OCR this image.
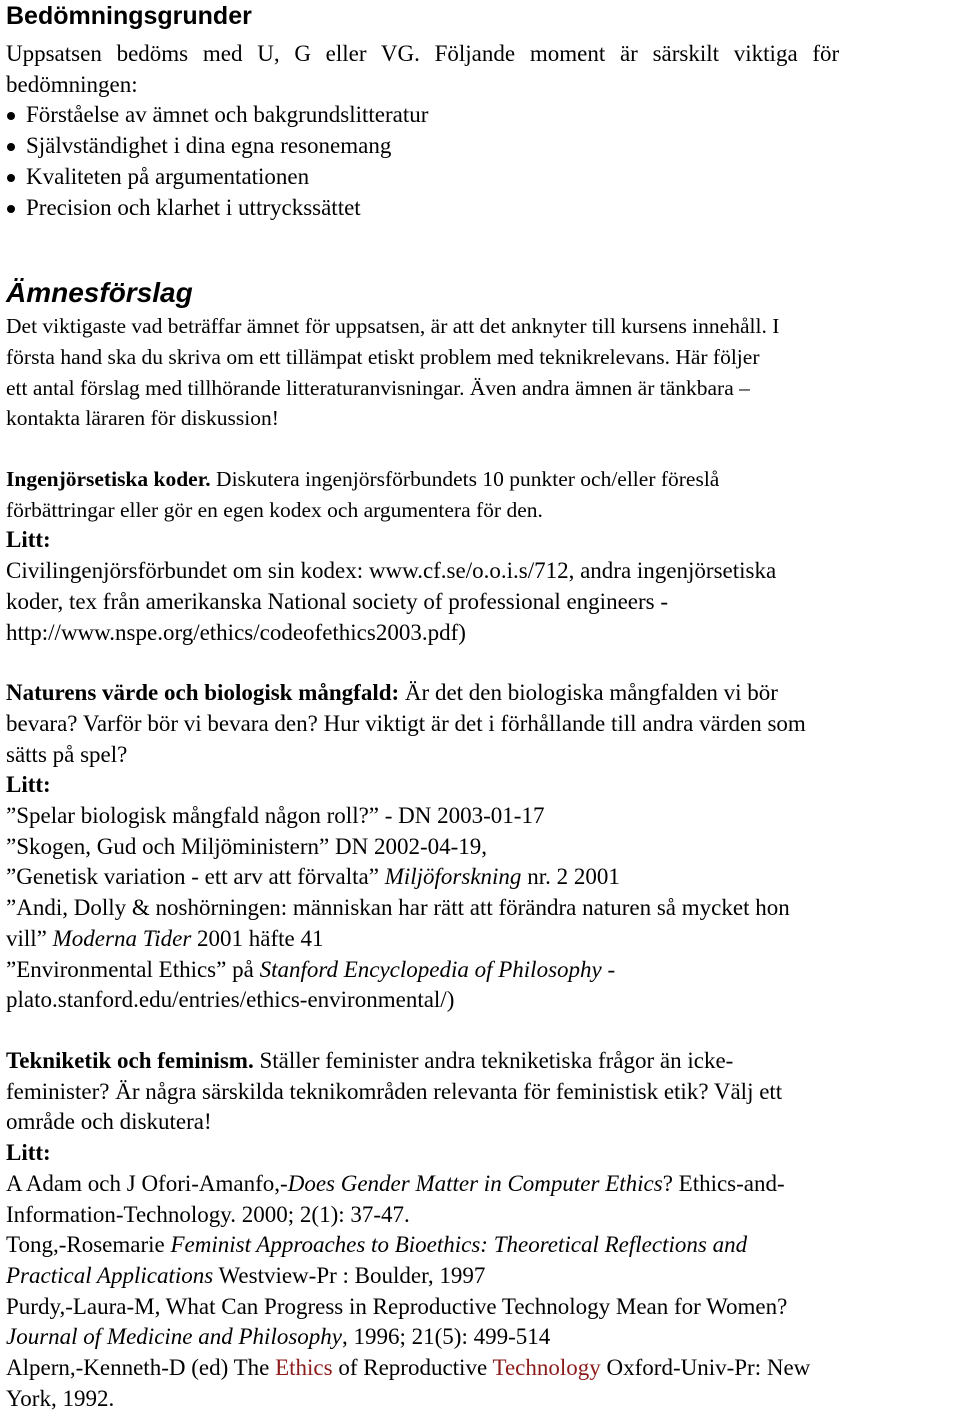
Bedömningsgrunder
Uppsatsen bedöms med U, G eller VG. Följande moment är särskilt viktiga för
bedömningen:
Förståelse av ämnet och bakgrundslitteratur
Självständighet i dina egna resonemang
Kvaliteten på argumentationen
Precision och klarhet i uttryckssättet
Ämnesförslag
Det viktigaste vad beträffar ämnet för uppsatsen, är att det anknyter till kursens innehåll. I
första hand ska du skriva om ett tillämpat etiskt problem med teknikrelevans. Här följer
ett antal förslag med tillhörande litteraturanvisningar. Även andra ämnen är tänkbara –
kontakta läraren för diskussion!
Ingenjörsetiska koder. Diskutera ingenjörsförbundets 10 punkter och/eller föreslå
förbättringar eller gör en egen kodex och argumentera för den.
Litt:
Civilingenjörsförbundet om sin kodex: www.cf.se/o.o.i.s/712, andra ingenjörsetiska
koder, tex från amerikanska National society of professional engineers -
http://www.nspe.org/ethics/codeofethics2003.pdf)
Naturens värde och biologisk mångfald: Är det den biologiska mångfalden vi bör
bevara? Varför bör vi bevara den? Hur viktigt är det i förhållande till andra värden som
sätts på spel?
Litt:
”Spelar biologisk mångfald någon roll?” - DN 2003-01-17
”Skogen, Gud och Miljöministern” DN 2002-04-19,
”Genetisk variation - ett arv att förvalta” Miljöforskning nr. 2 2001
”Andi, Dolly & noshörningen: människan har rätt att förändra naturen så mycket hon
vill” Moderna Tider 2001 häfte 41
”Environmental Ethics” på Stanford Encyclopedia of Philosophy -
plato.stanford.edu/entries/ethics-environmental/)
Tekniketik och feminism. Ställer feminister andra tekniketiska frågor än icke-
feminister? Är några särskilda teknikområden relevanta för feministisk etik? Välj ett
område och diskutera!
Litt:
A Adam och J Ofori-Amanfo,-Does Gender Matter in Computer Ethics? Ethics-and-
Information-Technology. 2000; 2(1): 37-47.
Tong,-Rosemarie Feminist Approaches to Bioethics: Theoretical Reflections and
Practical Applications Westview-Pr : Boulder, 1997
Purdy,-Laura-M, What Can Progress in Reproductive Technology Mean for Women?
Journal of Medicine and Philosophy, 1996; 21(5): 499-514
Alpern,-Kenneth-D (ed) The Ethics of Reproductive Technology Oxford-Univ-Pr: New
York, 1992.
